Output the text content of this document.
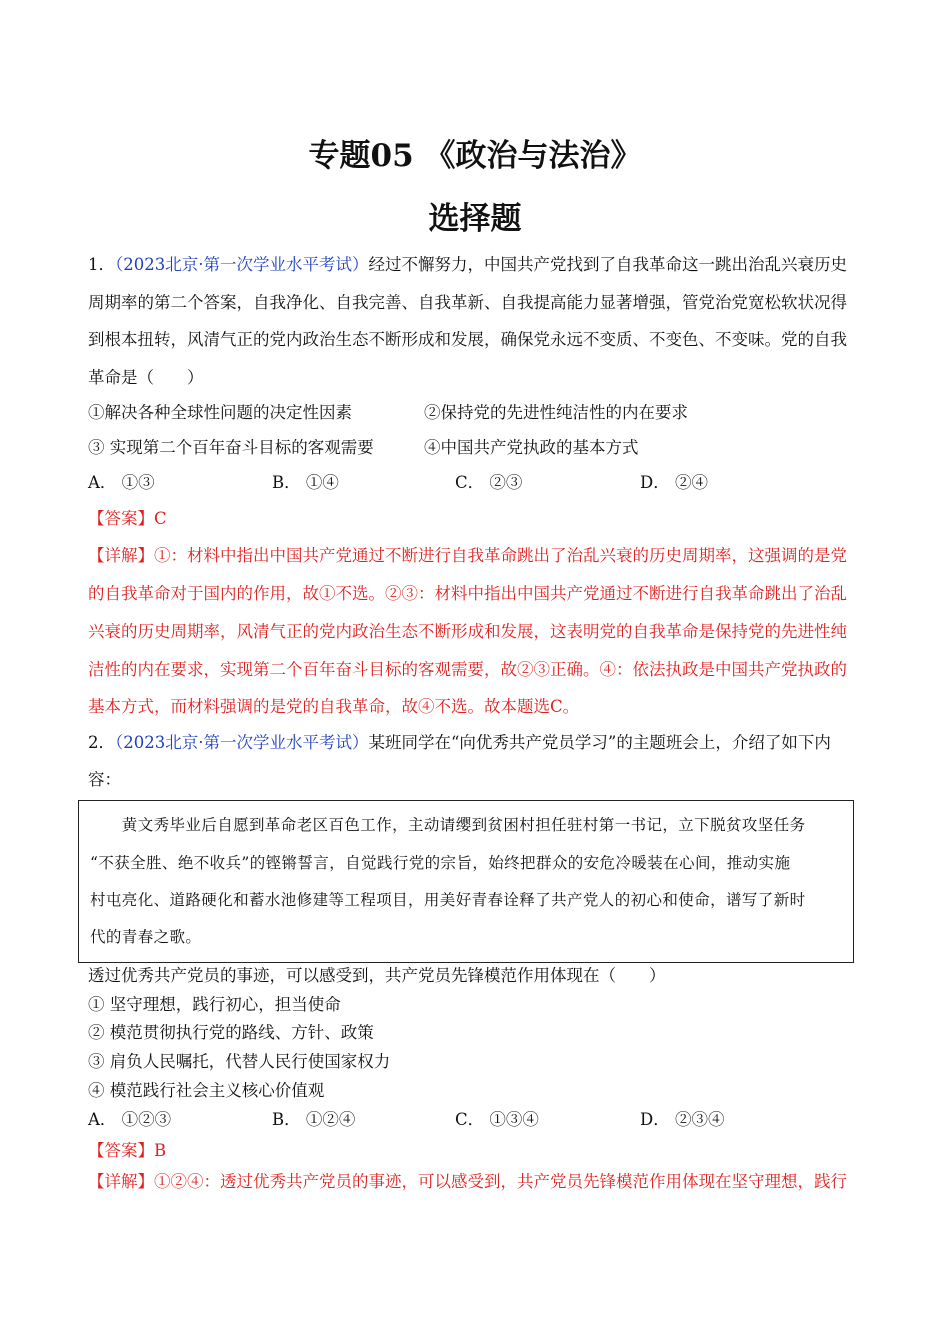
专题05 《政治与法治》
选择题
1．（2023北京·第一次学业水平考试）经过不懈努力，中国共产党找到了自我革命这一跳出治乱兴衰历史
周期率的第二个答案，自我净化、自我完善、自我革新、自我提高能力显著增强，管党治党宽松软状况得
到根本扭转，风清气正的党内政治生态不断形成和发展，确保党永远不变质、不变色、不变味。党的自我
革命是（　　）
①解决各种全球性问题的决定性因素	②保持党的先进性纯洁性的内在要求
③ 实现第二个百年奋斗目标的客观需要	④中国共产党执政的基本方式
A． ①③	B． ①④	C． ②③	D． ②④
【答案】C
【详解】①：材料中指出中国共产党通过不断进行自我革命跳出了治乱兴衰的历史周期率，这强调的是党
的自我革命对于国内的作用，故①不选。②③：材料中指出中国共产党通过不断进行自我革命跳出了治乱
兴衰的历史周期率，风清气正的党内政治生态不断形成和发展，这表明党的自我革命是保持党的先进性纯
洁性的内在要求，实现第二个百年奋斗目标的客观需要，故②③正确。④：依法执政是中国共产党执政的
基本方式，而材料强调的是党的自我革命，故④不选。故本题选C。
2．（2023北京·第一次学业水平考试）某班同学在“向优秀共产党员学习”的主题班会上，介绍了如下内
容：
　　黄文秀毕业后自愿到革命老区百色工作，主动请缨到贫困村担任驻村第一书记，立下脱贫攻坚任务
“不获全胜、绝不收兵”的铿锵誓言，自觉践行党的宗旨，始终把群众的安危冷暖装在心间，推动实施
村屯亮化、道路硬化和蓄水池修建等工程项目，用美好青春诠释了共产党人的初心和使命，谱写了新时
代的青春之歌。
透过优秀共产党员的事迹，可以感受到，共产党员先锋模范作用体现在（　　）
① 坚守理想，践行初心，担当使命
② 模范贯彻执行党的路线、方针、政策
③ 肩负人民嘱托，代替人民行使国家权力
④ 模范践行社会主义核心价值观
A． ①②③	B． ①②④	C． ①③④	D． ②③④
【答案】B
【详解】①②④：透过优秀共产党员的事迹，可以感受到，共产党员先锋模范作用体现在坚守理想，践行
